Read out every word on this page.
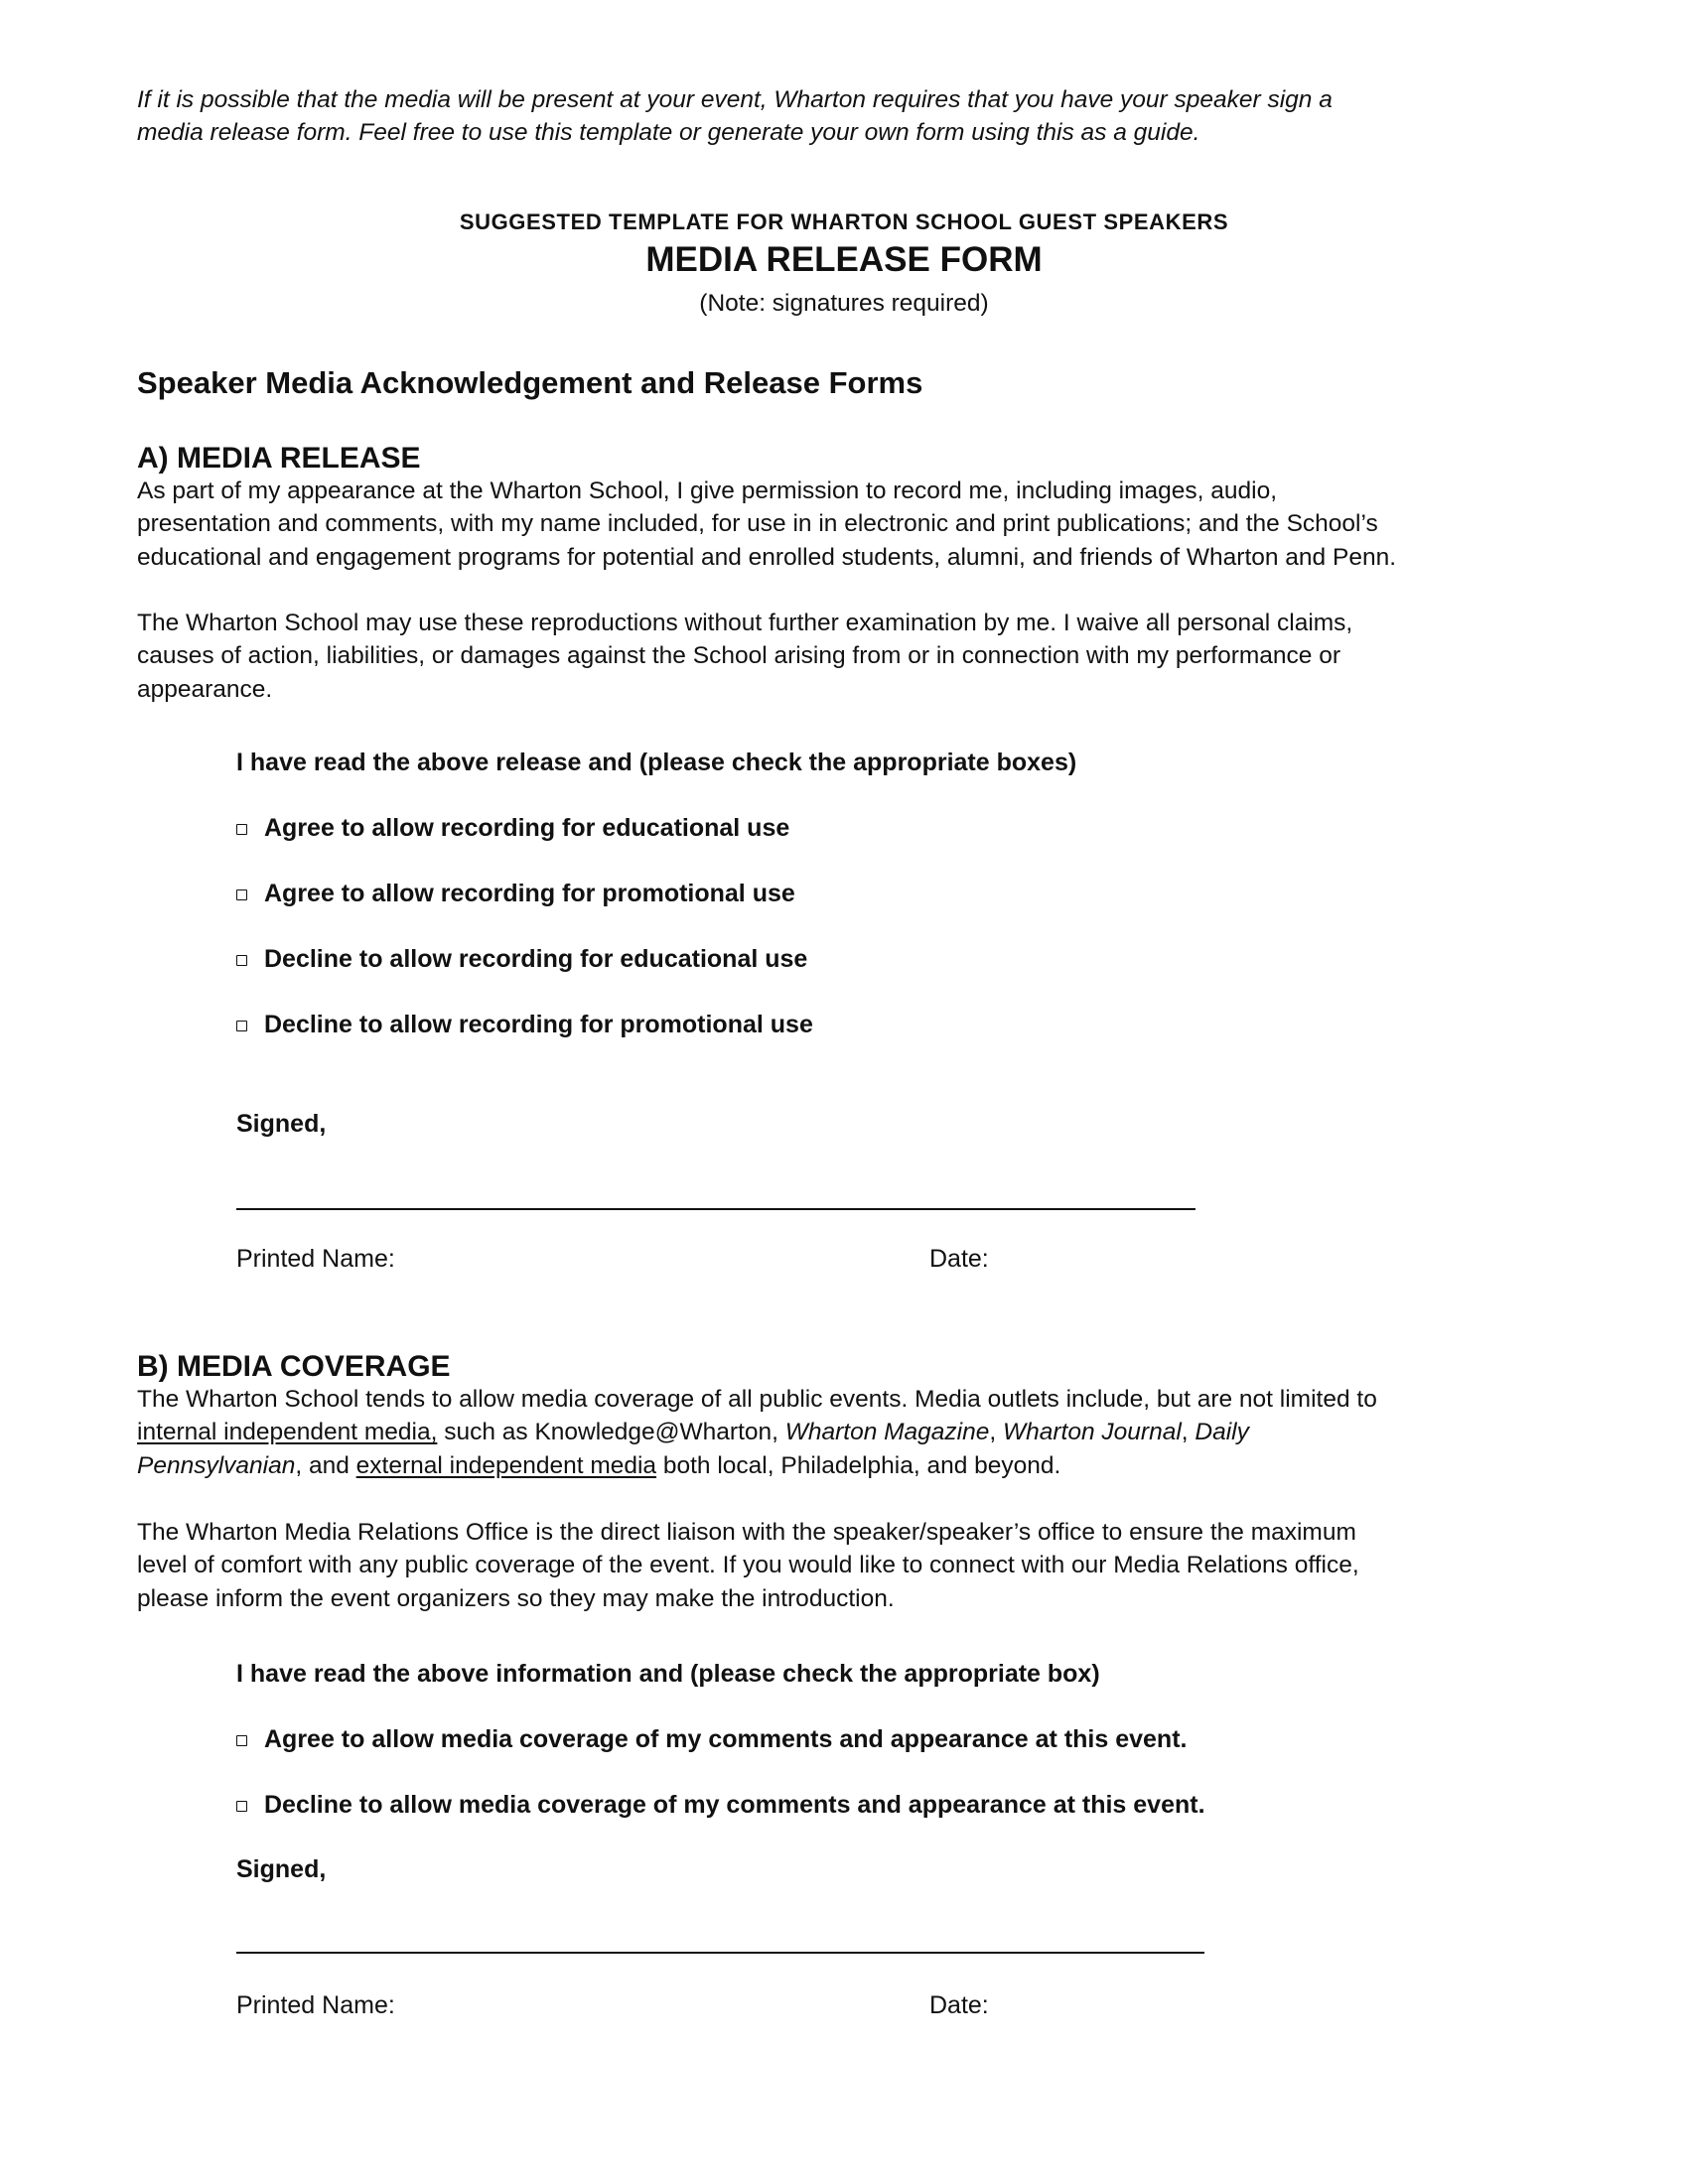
If it is possible that the media will be present at your event, Wharton requires that you have your speaker sign a
media release form. Feel free to use this template or generate your own form using this as a guide.
SUGGESTED TEMPLATE FOR WHARTON SCHOOL GUEST SPEAKERS
MEDIA RELEASE FORM
(Note: signatures required)
Speaker Media Acknowledgement and Release Forms
A) MEDIA RELEASE
As part of my appearance at the Wharton School, I give permission to record me, including images, audio,
presentation and comments, with my name included, for use in in electronic and print publications; and the School’s
educational and engagement programs for potential and enrolled students, alumni, and friends of Wharton and Penn.
The Wharton School may use these reproductions without further examination by me. I waive all personal claims,
causes of action, liabilities, or damages against the School arising from or in connection with my performance or
appearance.
I have read the above release and (please check the appropriate boxes)
Agree to allow recording for educational use
Agree to allow recording for promotional use
Decline to allow recording for educational use
Decline to allow recording for promotional use
Signed,
Printed Name:	Date:
B) MEDIA COVERAGE
The Wharton School tends to allow media coverage of all public events. Media outlets include, but are not limited to
internal independent media, such as Knowledge@Wharton, Wharton Magazine, Wharton Journal, Daily
Pennsylvanian, and external independent media both local, Philadelphia, and beyond.
The Wharton Media Relations Office is the direct liaison with the speaker/speaker’s office to ensure the maximum
level of comfort with any public coverage of the event. If you would like to connect with our Media Relations office,
please inform the event organizers so they may make the introduction.
I have read the above information and (please check the appropriate box)
Agree to allow media coverage of my comments and appearance at this event.
Decline to allow media coverage of my comments and appearance at this event.
Signed,
Printed Name:	Date:
